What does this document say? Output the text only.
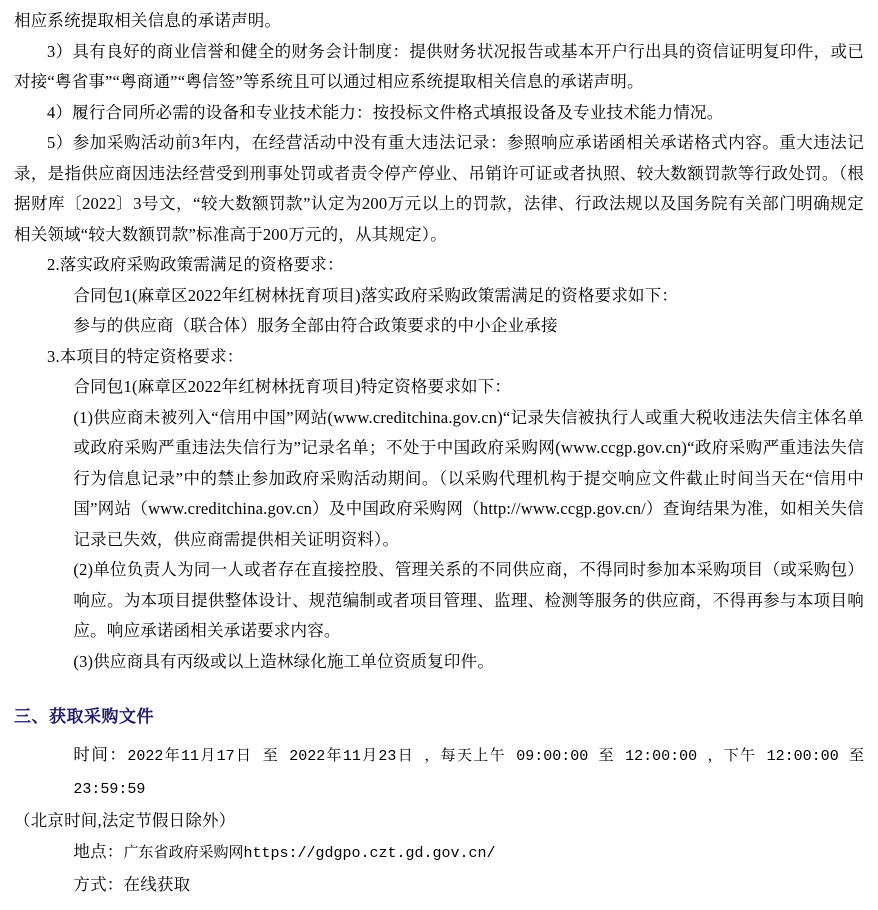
相应系统提取相关信息的承诺声明。

3）具有良好的商业信誉和健全的财务会计制度：提供财务状况报告或基本开户行出具的资信证明复印件，或已对接“粤省事”“粤商通”“粤信签”等系统且可以通过相应系统提取相关信息的承诺声明。

4）履行合同所必需的设备和专业技术能力：按投标文件格式填报设备及专业技术能力情况。

5）参加采购活动前3年内，在经营活动中没有重大违法记录：参照响应承诺函相关承诺格式内容。重大违法记录，是指供应商因违法经营受到刑事处罚或者责令停产停业、吊销许可证或者执照、较大数额罚款等行政处罚。（根据财库〔2022〕3号文，“较大数额罚款”认定为200万元以上的罚款，法律、行政法规以及国务院有关部门明确规定相关领域“较大数额罚款”标准高于200万元的，从其规定）。

2.落实政府采购政策需满足的资格要求：

合同包1(麻章区2022年红树林抚育项目)落实政府采购政策需满足的资格要求如下：

参与的供应商（联合体）服务全部由符合政策要求的中小企业承接

3.本项目的特定资格要求：

合同包1(麻章区2022年红树林抚育项目)特定资格要求如下：

(1)供应商未被列入“信用中国”网站(www.creditchina.gov.cn)“记录失信被执行人或重大税收违法失信主体名单或政府采购严重违法失信行为”记录名单；不处于中国政府采购网(www.ccgp.gov.cn)“政府采购严重违法失信行为信息记录”中的禁止参加政府采购活动期间。（以采购代理机构于提交响应文件截止时间当天在“信用中国”网站（www.creditchina.gov.cn）及中国政府采购网（http://www.ccgp.gov.cn/）查询结果为准，如相关失信记录已失效，供应商需提供相关证明资料）。

(2)单位负责人为同一人或者存在直接控股、管理关系的不同供应商，不得同时参加本采购项目（或采购包）响应。为本项目提供整体设计、规范编制或者项目管理、监理、检测等服务的供应商，不得再参与本项目响应。响应承诺函相关承诺要求内容。

(3)供应商具有丙级或以上造林绿化施工单位资质复印件。

三、获取采购文件

时间：2022年11月17日 至 2022年11月23日 ，每天上午 09:00:00 至 12:00:00 ，下午 12:00:00 至 23:59:59

（北京时间,法定节假日除外）

地点：广东省政府采购网https://gdgpo.czt.gd.gov.cn/

方式：在线获取
